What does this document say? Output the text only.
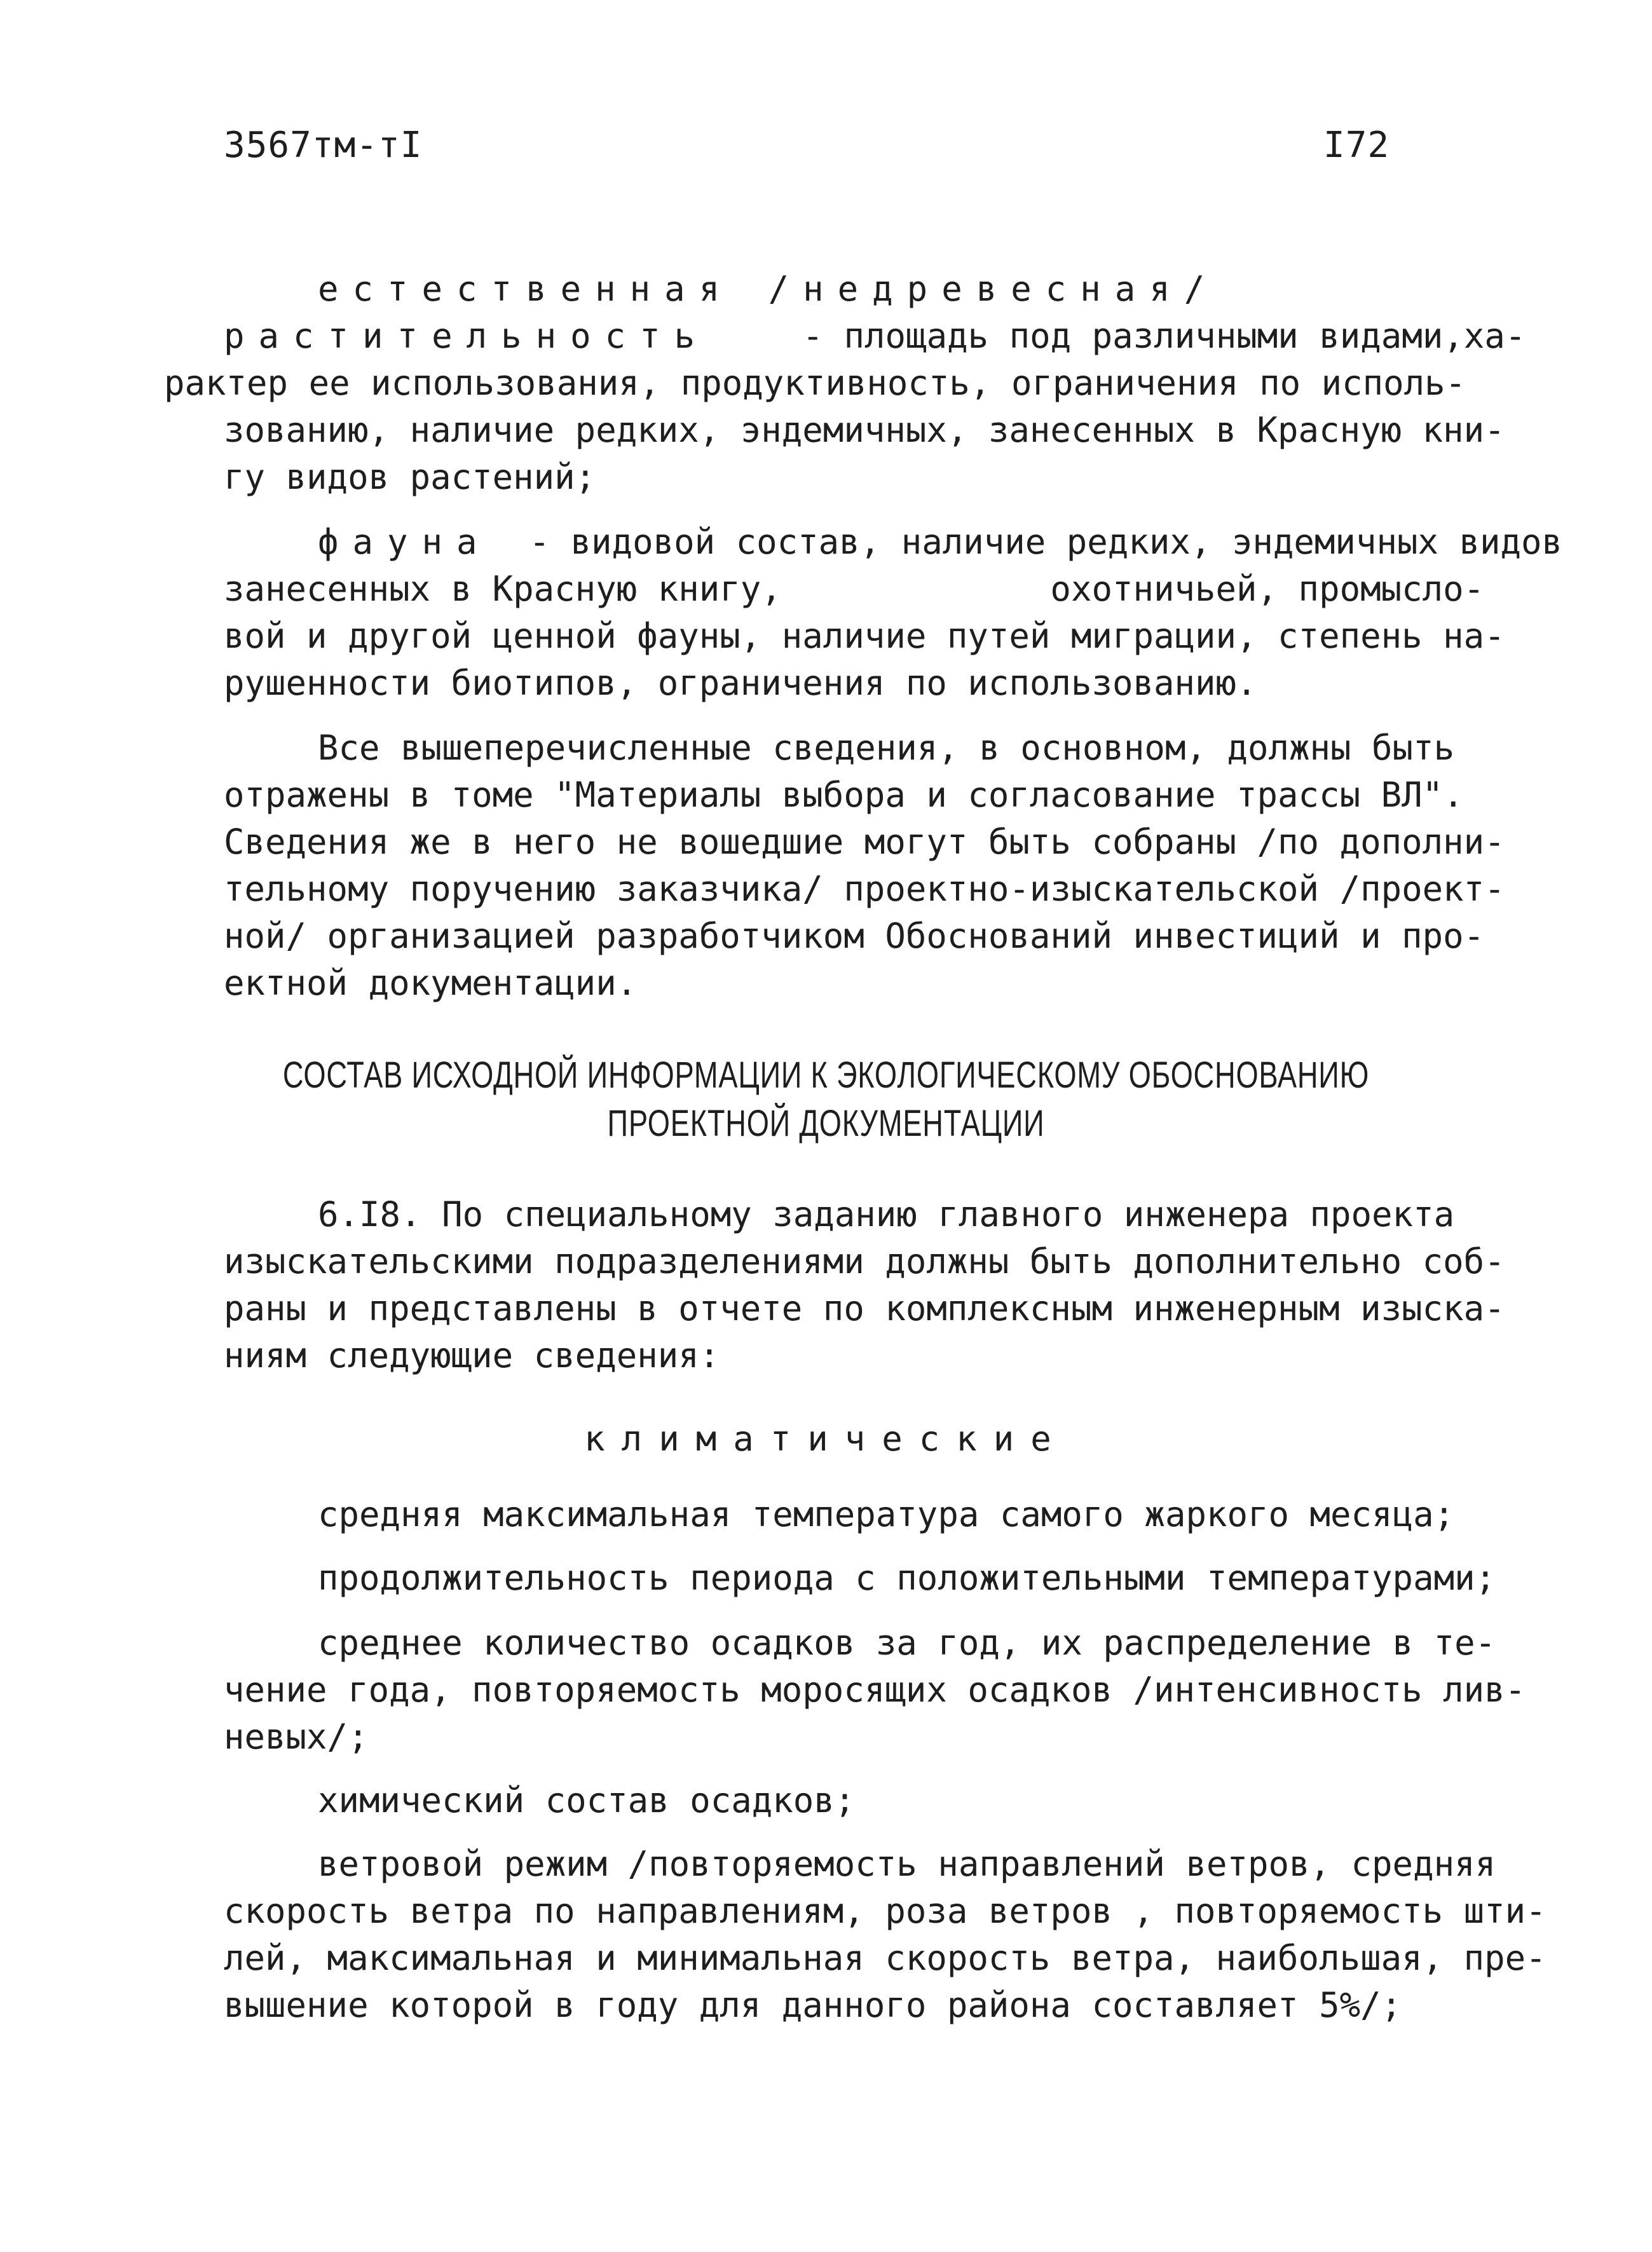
3567тм-тI	I72
естественная /недревесная/
растительность - площадь под различными видами,ха-
рактер ее использования, продуктивность, ограничения по исполь-
зованию, наличие редких, эндемичных, занесенных в Красную кни-
гу видов растений;
фауна - видовой состав, наличие редких, эндемичных видов
занесенных в Красную книгу,             охотничьей, промысло-
вой и другой ценной фауны, наличие путей миграции, степень на-
рушенности биотипов, ограничения по использованию.
Все вышеперечисленные сведения, в основном, должны быть
отражены в томе "Материалы выбора и согласование трассы ВЛ".
Сведения же в него не вошедшие могут быть собраны /по дополни-
тельному поручению заказчика/ проектно-изыскательской /проект-
ной/ организацией разработчиком Обоснований инвестиций и про-
ектной документации.
СОСТАВ ИСХОДНОЙ ИНФОРМАЦИИ К ЭКОЛОГИЧЕСКОМУ ОБОСНОВАНИЮ
ПРОЕКТНОЙ ДОКУМЕНТАЦИИ
6.I8. По специальному заданию главного инженера проекта
изыскательскими подразделениями должны быть дополнительно соб-
раны и представлены в отчете по комплексным инженерным изыска-
ниям следующие сведения:
климатические
средняя максимальная температура самого жаркого месяца;
продолжительность периода с положительными температурами;
среднее количество осадков за год, их распределение в те-
чение года, повторяемость моросящих осадков /интенсивность лив-
невых/;
химический состав осадков;
ветровой режим /повторяемость направлений ветров, средняя
скорость ветра по направлениям, роза ветров , повторяемость шти-
лей, максимальная и минимальная скорость ветра, наибольшая, пре-
вышение которой в году для данного района составляет 5%/;
